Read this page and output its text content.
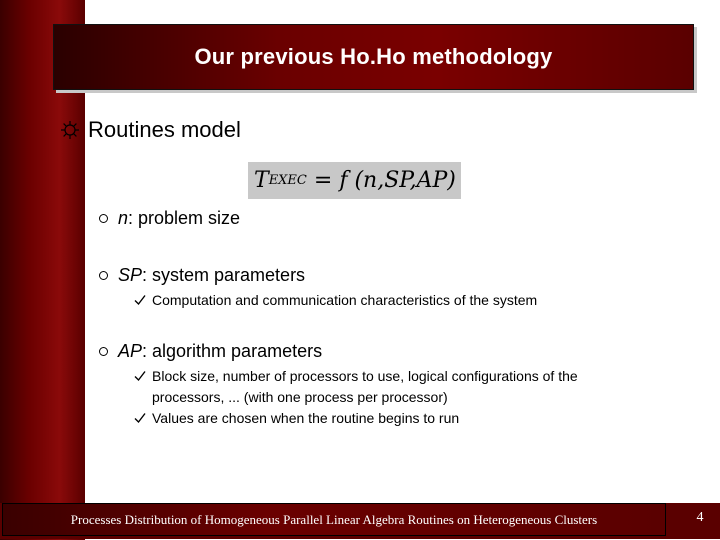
Our previous Ho.Ho methodology
Routines model
T EXEC = f (n,SP,AP)
n : problem size
SP : system parameters
Computation and communication characteristics of the system
AP : algorithm parameters
Block size, number of processors to use, logical configurations of the processors, ... (with one process per processor)
Values are chosen when the routine begins to run
Processes Distribution of Homogeneous Parallel Linear Algebra Routines on Heterogeneous Clusters	4
